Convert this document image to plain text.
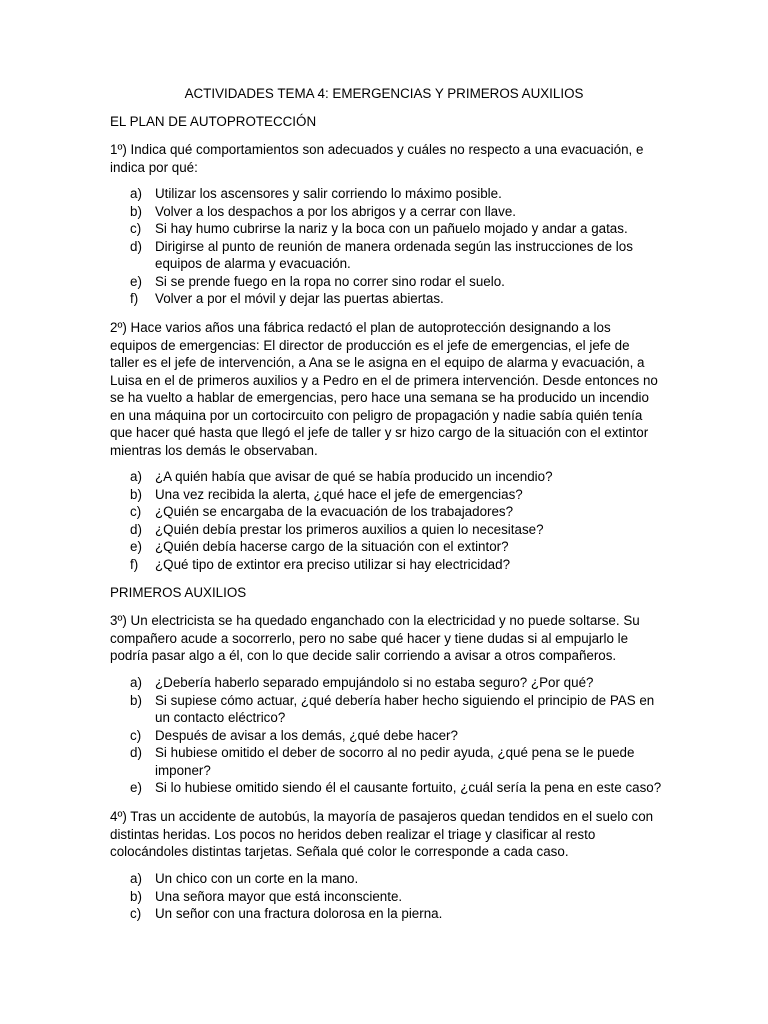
ACTIVIDADES TEMA 4: EMERGENCIAS Y PRIMEROS AUXILIOS
EL PLAN DE AUTOPROTECCIÓN
1º) Indica qué comportamientos son adecuados y cuáles no respecto a una evacuación, e indica por qué:
a) Utilizar los ascensores y salir corriendo lo máximo posible.
b) Volver a los despachos a por los abrigos y a cerrar con llave.
c)	Si hay humo cubrirse la nariz y la boca con un pañuelo mojado y andar a gatas.
d) Dirigirse al punto de reunión de manera ordenada según las instrucciones de los equipos de alarma y evacuación.
e) Si se prende fuego en la ropa no correr sino rodar el suelo.
f)	Volver a por el móvil y dejar las puertas abiertas.
2º) Hace varios años una fábrica redactó el plan de autoprotección designando a los equipos de emergencias: El director de producción es el jefe de emergencias, el jefe de taller es el jefe de intervención, a Ana se le asigna en el equipo de alarma y evacuación, a Luisa en el de primeros auxilios y a Pedro en el de primera intervención. Desde entonces no se ha vuelto a hablar de emergencias, pero hace una semana se ha producido un incendio en una máquina por un cortocircuito con peligro de propagación y nadie sabía quién tenía que hacer qué hasta que llegó el jefe de taller y sr hizo cargo de la situación con el extintor mientras los demás le observaban.
a) ¿A quién había que avisar de qué se había producido un incendio?
b) Una vez recibida la alerta, ¿qué hace el jefe de emergencias?
c)	¿Quién se encargaba de la evacuación de los trabajadores?
d) ¿Quién debía prestar los primeros auxilios a quien lo necesitase?
e) ¿Quién debía hacerse cargo de la situación con el extintor?
f)	¿Qué tipo de extintor era preciso utilizar si hay electricidad?
PRIMEROS AUXILIOS
3º) Un electricista se ha quedado enganchado con la electricidad y no puede soltarse. Su compañero acude a socorrerlo, pero no sabe qué hacer y tiene dudas si al empujarlo le podría pasar algo a él, con lo que decide salir corriendo a avisar a otros compañeros.
a) ¿Debería haberlo separado empujándolo si no estaba seguro? ¿Por qué?
b) Si supiese cómo actuar, ¿qué debería haber hecho siguiendo el principio de PAS en un contacto eléctrico?
c)	Después de avisar a los demás, ¿qué debe hacer?
d) Si hubiese omitido el deber de socorro al no pedir ayuda, ¿qué pena se le puede imponer?
e) Si lo hubiese omitido siendo él el causante fortuito, ¿cuál sería la pena en este caso?
4º) Tras un accidente de autobús, la mayoría de pasajeros quedan tendidos en el suelo con distintas heridas. Los pocos no heridos deben realizar el triage y clasificar al resto colocándoles distintas tarjetas. Señala qué color le corresponde a cada caso.
a) Un chico con un corte en la mano.
b) Una señora mayor que está inconsciente.
c)	Un señor con una fractura dolorosa en la pierna.
